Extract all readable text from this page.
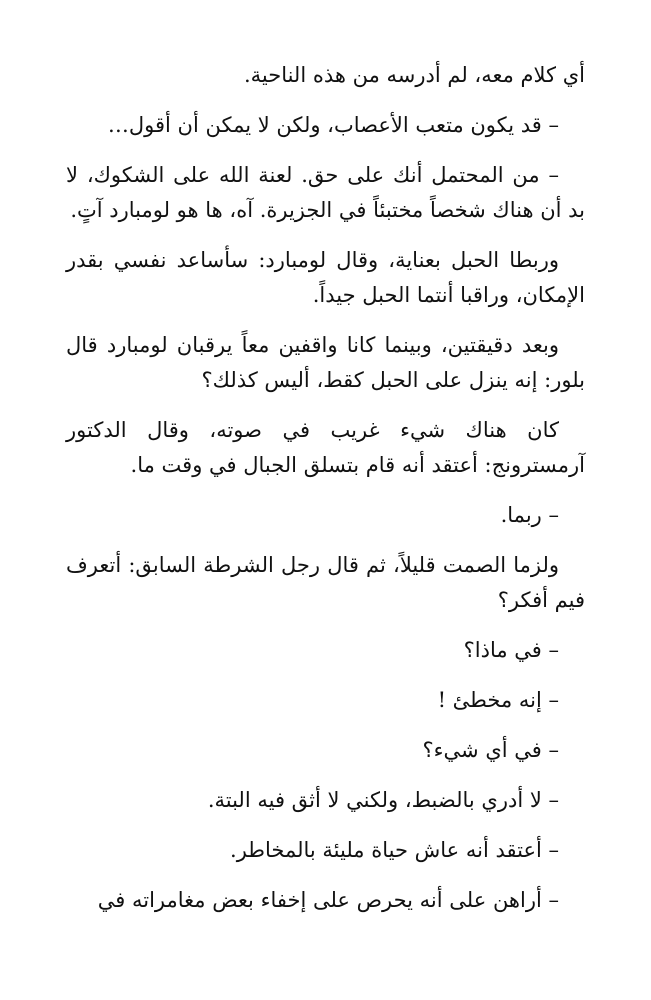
أي كلام معه، لم أدرسه من هذه الناحية.

– قد يكون متعب الأعصاب، ولكن لا يمكن أن أقول…

– من المحتمل أنك على حق. لعنة الله على الشكوك، لا بد أن هناك شخصاً مختبئاً في الجزيرة. آه، ها هو لومبارد آتٍ.

وربطا الحبل بعناية، وقال لومبارد: سأساعد نفسي بقدر الإمكان، وراقبا أنتما الحبل جيداً.

وبعد دقيقتين، وبينما كانا واقفين معاً يرقبان لومبارد قال بلور: إنه ينزل على الحبل كقط، أليس كذلك؟

كان هناك شيء غريب في صوته، وقال الدكتور آرمسترونج: أعتقد أنه قام بتسلق الجبال في وقت ما.

– ربما.

ولزما الصمت قليلاً، ثم قال رجل الشرطة السابق: أتعرف فيم أفكر؟

– في ماذا؟

– إنه مخطئ !

– في أي شيء؟

– لا أدري بالضبط، ولكني لا أثق فيه البتة.

– أعتقد أنه عاش حياة مليئة بالمخاطر.

– أراهن على أنه يحرص على إخفاء بعض مغامراته في
